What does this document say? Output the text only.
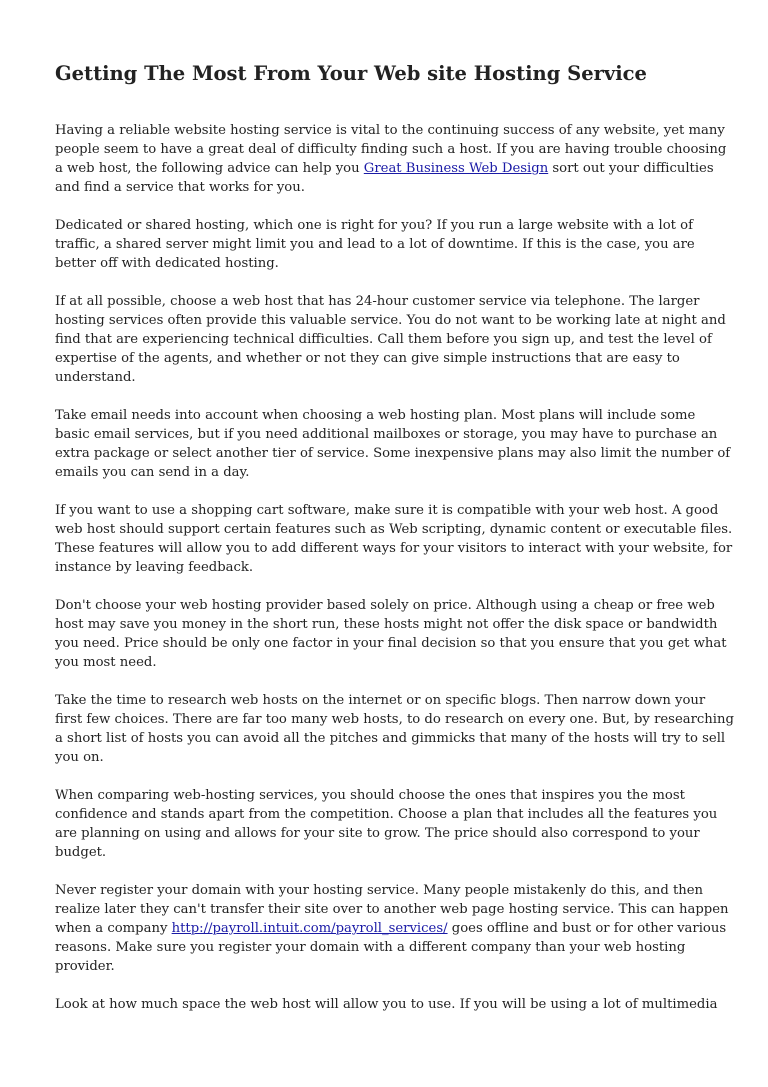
Getting The Most From Your Web site Hosting Service

Having a reliable website hosting service is vital to the continuing success of any website, yet many
people seem to have a great deal of difficulty finding such a host. If you are having trouble choosing
a web host, the following advice can help you Great Business Web Design sort out your difficulties
and find a service that works for you.

Dedicated or shared hosting, which one is right for you? If you run a large website with a lot of
traffic, a shared server might limit you and lead to a lot of downtime. If this is the case, you are
better off with dedicated hosting.

If at all possible, choose a web host that has 24-hour customer service via telephone. The larger
hosting services often provide this valuable service. You do not want to be working late at night and
find that are experiencing technical difficulties. Call them before you sign up, and test the level of
expertise of the agents, and whether or not they can give simple instructions that are easy to
understand.

Take email needs into account when choosing a web hosting plan. Most plans will include some
basic email services, but if you need additional mailboxes or storage, you may have to purchase an
extra package or select another tier of service. Some inexpensive plans may also limit the number of
emails you can send in a day.

If you want to use a shopping cart software, make sure it is compatible with your web host. A good
web host should support certain features such as Web scripting, dynamic content or executable files.
These features will allow you to add different ways for your visitors to interact with your website, for
instance by leaving feedback.

Don't choose your web hosting provider based solely on price. Although using a cheap or free web
host may save you money in the short run, these hosts might not offer the disk space or bandwidth
you need. Price should be only one factor in your final decision so that you ensure that you get what
you most need.

Take the time to research web hosts on the internet or on specific blogs. Then narrow down your
first few choices. There are far too many web hosts, to do research on every one. But, by researching
a short list of hosts you can avoid all the pitches and gimmicks that many of the hosts will try to sell
you on.

When comparing web-hosting services, you should choose the ones that inspires you the most
confidence and stands apart from the competition. Choose a plan that includes all the features you
are planning on using and allows for your site to grow. The price should also correspond to your
budget.

Never register your domain with your hosting service. Many people mistakenly do this, and then
realize later they can't transfer their site over to another web page hosting service. This can happen
when a company http://payroll.intuit.com/payroll_services/ goes offline and bust or for other various
reasons. Make sure you register your domain with a different company than your web hosting
provider.

Look at how much space the web host will allow you to use. If you will be using a lot of multimedia
